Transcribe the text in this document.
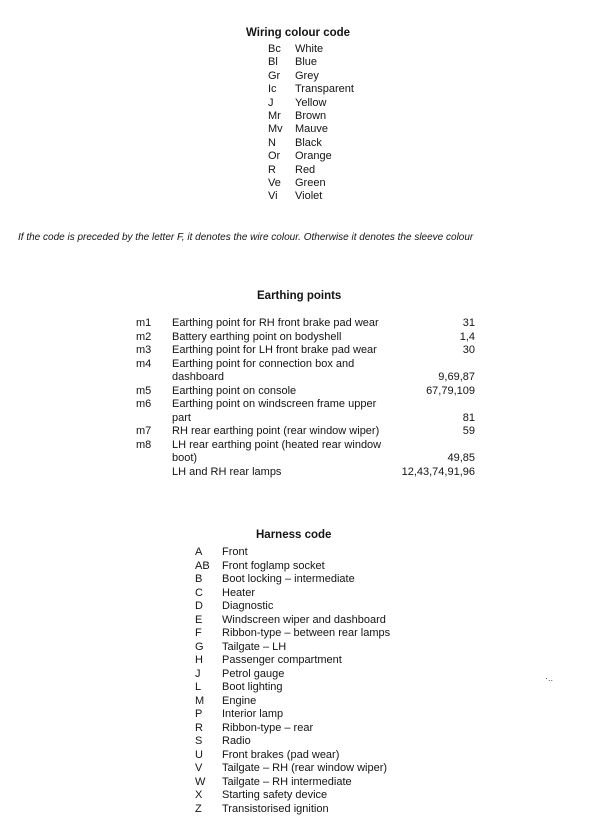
Wiring colour code
Bc White
Bl Blue
Gr Grey
Ic Transparent
J Yellow
Mr Brown
Mv Mauve
N Black
Or Orange
R Red
Ve Green
Vi Violet
If the code is preceded by the letter F, it denotes the wire colour. Otherwise it denotes the sleeve colour
Earthing points
m1 Earthing point for RH front brake pad wear	31
m2 Battery earthing point on bodyshell	1,4
m3 Earthing point for LH front brake pad wear	30
m4 Earthing point for connection box and
dashboard	9,69,87
m5 Earthing point on console	67,79,109
m6 Earthing point on windscreen frame upper
part	81
m7 RH rear earthing point (rear window wiper)	59
m8 LH rear earthing point (heated rear window
boot)	49,85
LH and RH rear lamps	12,43,74,91,96
Harness code
A Front
AB Front foglamp socket
B Boot locking – intermediate
C Heater
D Diagnostic
E Windscreen wiper and dashboard
F Ribbon-type – between rear lamps
G Tailgate – LH
H Passenger compartment
J Petrol gauge
L Boot lighting
M Engine
P Interior lamp
R Ribbon-type – rear
S Radio
U Front brakes (pad wear)
V Tailgate – RH (rear window wiper)
W Tailgate – RH intermediate
X Starting safety device
Z Transistorised ignition
·..
